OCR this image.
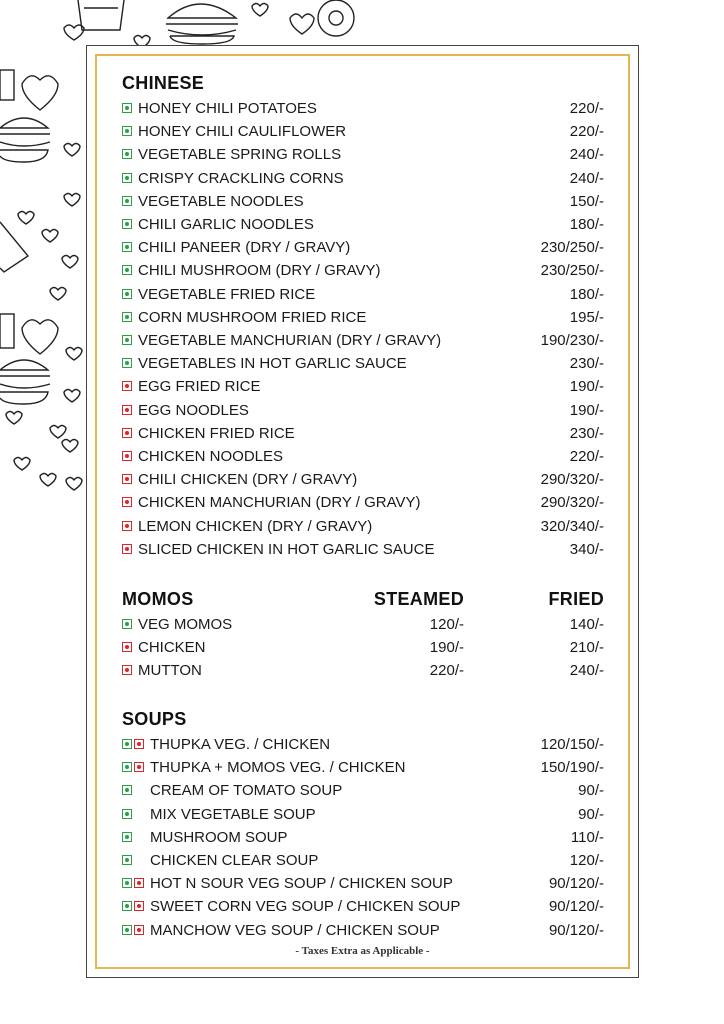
CHINESE
HONEY CHILI POTATOES	220/-
HONEY CHILI CAULIFLOWER	220/-
VEGETABLE SPRING ROLLS	240/-
CRISPY CRACKLING CORNS	240/-
VEGETABLE NOODLES	150/-
CHILI GARLIC NOODLES	180/-
CHILI PANEER (DRY / GRAVY)	230/250/-
CHILI MUSHROOM (DRY / GRAVY)	230/250/-
VEGETABLE FRIED RICE	180/-
CORN MUSHROOM FRIED RICE	195/-
VEGETABLE MANCHURIAN (DRY / GRAVY)	190/230/-
VEGETABLES IN HOT GARLIC SAUCE	230/-
EGG FRIED RICE	190/-
EGG NOODLES	190/-
CHICKEN FRIED RICE	230/-
CHICKEN NOODLES	220/-
CHILI CHICKEN (DRY / GRAVY)	290/320/-
CHICKEN MANCHURIAN (DRY / GRAVY)	290/320/-
LEMON CHICKEN (DRY / GRAVY)	320/340/-
SLICED CHICKEN IN HOT GARLIC SAUCE	340/-
MOMOS	STEAMED	FRIED
VEG MOMOS	120/-	140/-
CHICKEN	190/-	210/-
MUTTON	220/-	240/-
SOUPS
THUPKA VEG. / CHICKEN	120/150/-
THUPKA + MOMOS VEG. / CHICKEN	150/190/-
CREAM OF TOMATO SOUP	90/-
MIX VEGETABLE SOUP	90/-
MUSHROOM SOUP	110/-
CHICKEN CLEAR SOUP	120/-
HOT N SOUR VEG SOUP / CHICKEN SOUP	90/120/-
SWEET CORN VEG SOUP / CHICKEN SOUP	90/120/-
MANCHOW VEG SOUP / CHICKEN SOUP	90/120/-
- Taxes Extra as Applicable -
